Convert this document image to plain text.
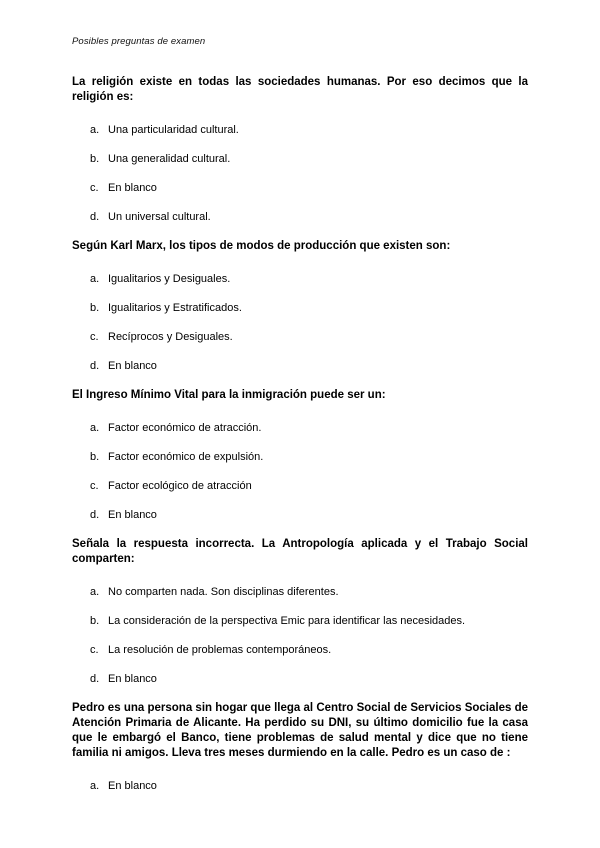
Posibles preguntas de examen
La religión existe en todas las sociedades humanas. Por eso decimos que la religión es:
a. Una particularidad cultural.
b. Una generalidad cultural.
c. En blanco
d. Un universal cultural.
Según Karl Marx, los tipos de modos de producción que existen son:
a. Igualitarios y Desiguales.
b. Igualitarios y Estratificados.
c. Recíprocos y Desiguales.
d. En blanco
El Ingreso Mínimo Vital para la inmigración puede ser un:
a. Factor económico de atracción.
b. Factor económico de expulsión.
c. Factor ecológico de atracción
d. En blanco
Señala la respuesta incorrecta. La Antropología aplicada y el Trabajo Social comparten:
a. No comparten nada. Son disciplinas diferentes.
b. La consideración de la perspectiva Emic para identificar las necesidades.
c. La resolución de problemas contemporáneos.
d. En blanco
Pedro es una persona sin hogar que llega al Centro Social de Servicios Sociales de Atención Primaria de Alicante. Ha perdido su DNI, su último domicilio fue la casa que le embargó el Banco, tiene problemas de salud mental y dice que no tiene familia ni amigos. Lleva tres meses durmiendo en la calle. Pedro es un caso de :
a. En blanco
